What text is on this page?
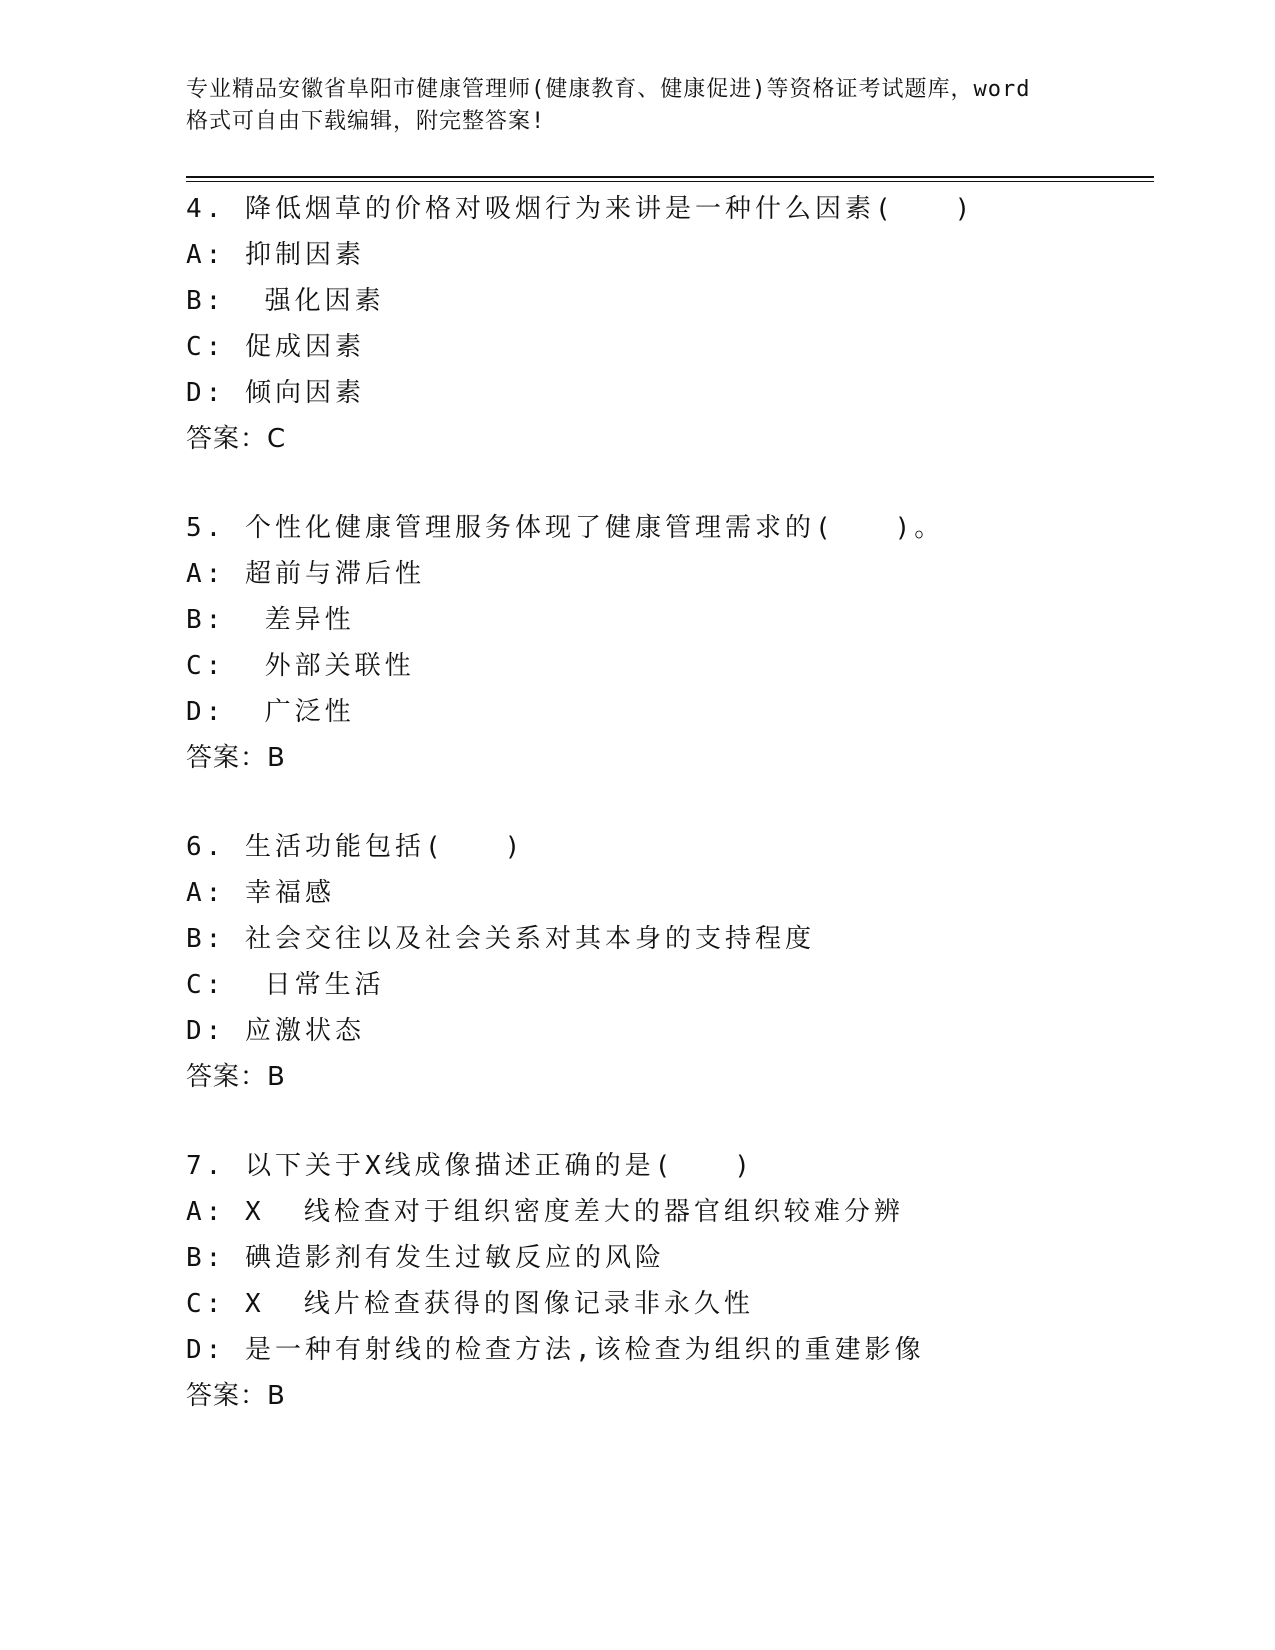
专业精品安徽省阜阳市健康管理师(健康教育、健康促进)等资格证考试题库，word
格式可自由下载编辑，附完整答案!
4. 降低烟草的价格对吸烟行为来讲是一种什么因素(　　)
A: 抑制因素
B:  强化因素
C: 促成因素
D: 倾向因素
答案：C
5. 个性化健康管理服务体现了健康管理需求的(　　)。
A: 超前与滞后性
B:  差异性
C:  外部关联性
D:  广泛性
答案：B
6. 生活功能包括(　　)
A: 幸福感
B: 社会交往以及社会关系对其本身的支持程度
C:  日常生活
D: 应激状态
答案：B
7. 以下关于X线成像描述正确的是(　　)
A: X  线检查对于组织密度差大的器官组织较难分辨
B: 碘造影剂有发生过敏反应的风险
C: X  线片检查获得的图像记录非永久性
D: 是一种有射线的检查方法,该检查为组织的重建影像
答案：B
